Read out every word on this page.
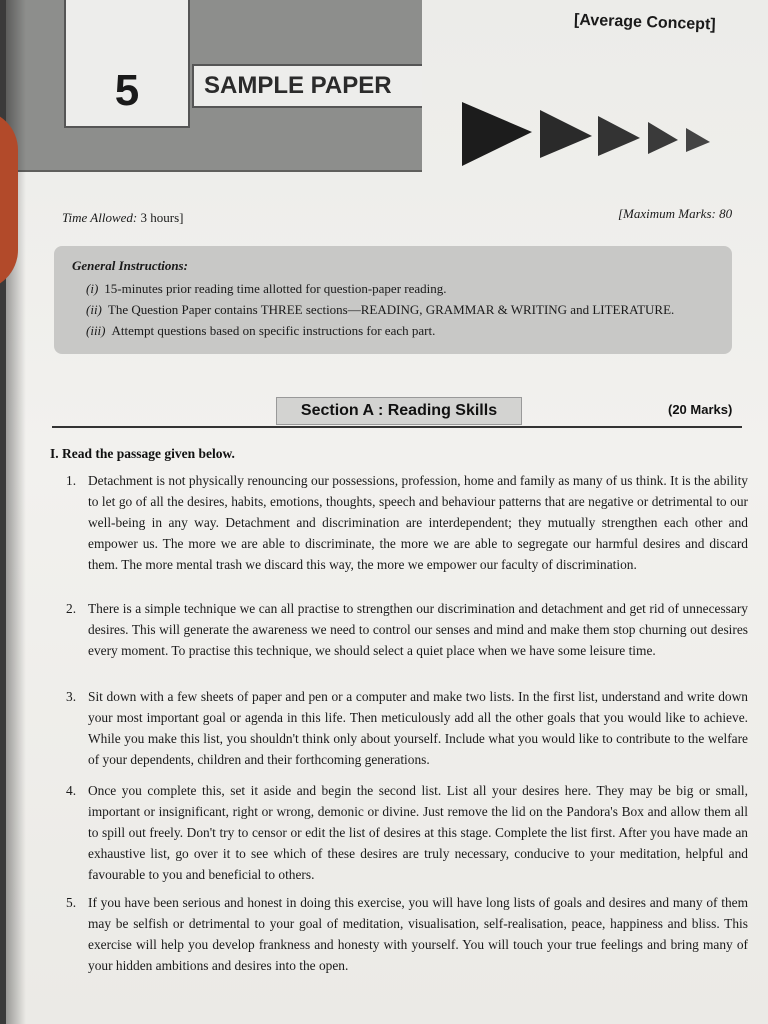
5	SAMPLE PAPER
[Average Concept]
Time Allowed: 3 hours]	[Maximum Marks: 80
General Instructions:
(i) 15-minutes prior reading time allotted for question-paper reading.
(ii) The Question Paper contains THREE sections—READING, GRAMMAR & WRITING and LITERATURE.
(iii) Attempt questions based on specific instructions for each part.
Section A : Reading Skills	(20 Marks)
I. Read the passage given below.
1. Detachment is not physically renouncing our possessions, profession, home and family as many of us think. It is the ability to let go of all the desires, habits, emotions, thoughts, speech and behaviour patterns that are negative or detrimental to our well-being in any way. Detachment and discrimination are interdependent; they mutually strengthen each other and empower us. The more we are able to discriminate, the more we are able to segregate our harmful desires and discard them. The more mental trash we discard this way, the more we empower our faculty of discrimination.
2. There is a simple technique we can all practise to strengthen our discrimination and detachment and get rid of unnecessary desires. This will generate the awareness we need to control our senses and mind and make them stop churning out desires every moment. To practise this technique, we should select a quiet place when we have some leisure time.
3. Sit down with a few sheets of paper and pen or a computer and make two lists. In the first list, understand and write down your most important goal or agenda in this life. Then meticulously add all the other goals that you would like to achieve. While you make this list, you shouldn't think only about yourself. Include what you would like to contribute to the welfare of your dependents, children and their forthcoming generations.
4. Once you complete this, set it aside and begin the second list. List all your desires here. They may be big or small, important or insignificant, right or wrong, demonic or divine. Just remove the lid on the Pandora's Box and allow them all to spill out freely. Don't try to censor or edit the list of desires at this stage. Complete the list first. After you have made an exhaustive list, go over it to see which of these desires are truly necessary, conducive to your meditation, helpful and favourable to you and beneficial to others.
5. If you have been serious and honest in doing this exercise, you will have long lists of goals and desires and many of them may be selfish or detrimental to your goal of meditation, visualisation, self-realisation, peace, happiness and bliss. This exercise will help you develop frankness and honesty with yourself. You will touch your true feelings and bring many of your hidden ambitions and desires into the open.
